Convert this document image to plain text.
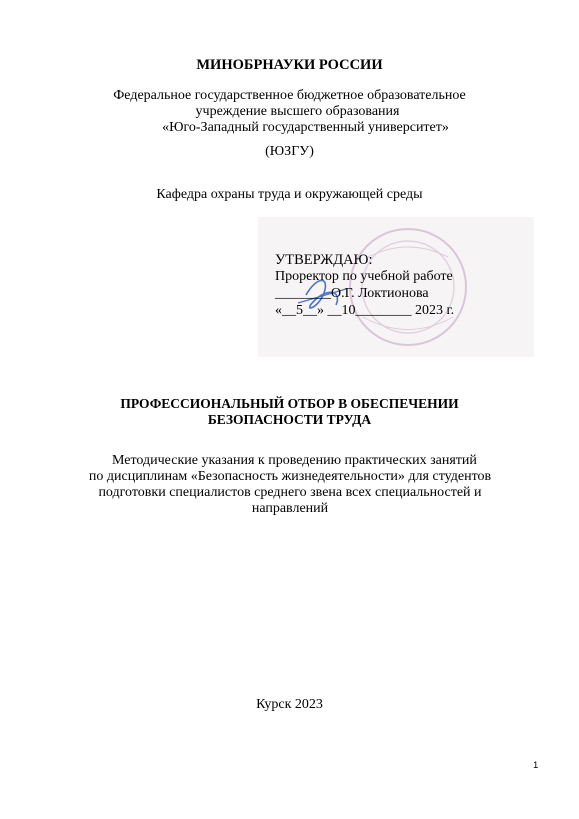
МИНОБРНАУКИ РОССИИ
Федеральное государственное бюджетное образовательное
учреждение высшего образования
«Юго-Западный государственный университет»
(ЮЗГУ)
Кафедра охраны труда и окружающей среды
УТВЕРЖДАЮ:
Проректор по учебной работе
________О.Г. Локтионова
«__5__» __10________ 2023 г.
ПРОФЕССИОНАЛЬНЫЙ ОТБОР В ОБЕСПЕЧЕНИИ
БЕЗОПАСНОСТИ ТРУДА
Методические указания к проведению практических занятий
по дисциплинам «Безопасность жизнедеятельности» для студентов
подготовки специалистов среднего звена всех специальностей и
направлений
Курск 2023
1
